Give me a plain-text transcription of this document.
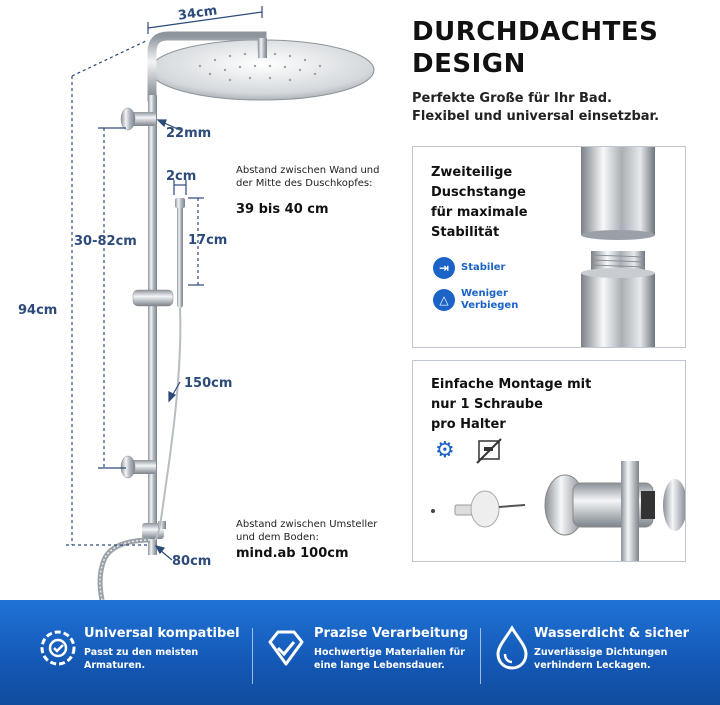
34cm
22mm
2cm
17cm
30-82cm
94cm
150cm
80cm
Abstand zwischen Wand und der Mitte des Duschkopfes:
39 bis 40 cm
Abstand zwischen Umsteller und dem Boden:
mind.ab 100cm
DURCHDACHTES
DESIGN
Perfekte Große für Ihr Bad.
Flexibel und universal einsetzbar.
Zweiteilige
Duschstange
für maximale
Stabilität
⇥	Stabiler
△	Weniger
Verbiegen
Einfache Montage mit
nur 1 Schraube
pro Halter
⚙
Universal kompatibel
Passt zu den meisten
Armaturen.
Prazise Verarbeitung
Hochwertige Materialien für
eine lange Lebensdauer.
Wasserdicht & sicher
Zuverlässige Dichtungen
verhindern Leckagen.
